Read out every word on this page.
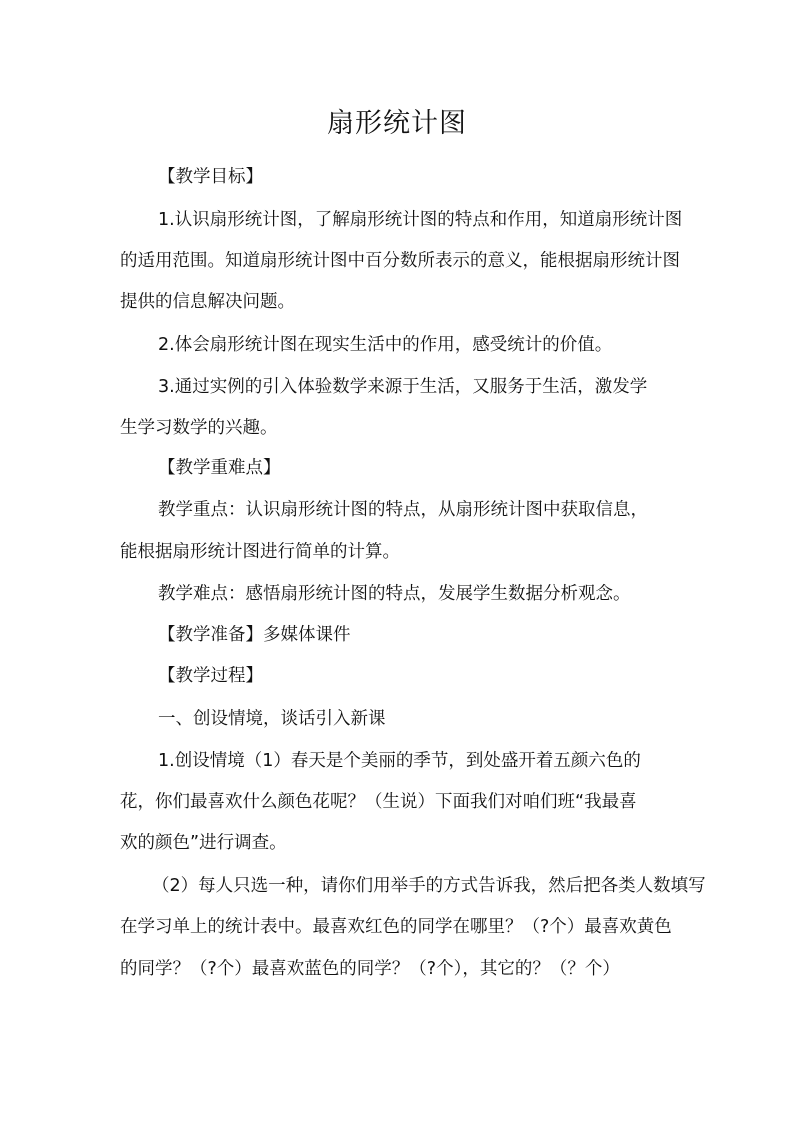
扇形统计图
【教学目标】
1.认识扇形统计图，了解扇形统计图的特点和作用，知道扇形统计图
的适用范围。知道扇形统计图中百分数所表示的意义，能根据扇形统计图
提供的信息解决问题。
2.体会扇形统计图在现实生活中的作用，感受统计的价值。
3.通过实例的引入体验数学来源于生活，又服务于生活，激发学
生学习数学的兴趣。
【教学重难点】
教学重点：认识扇形统计图的特点，从扇形统计图中获取信息，
能根据扇形统计图进行简单的计算。
教学难点：感悟扇形统计图的特点，发展学生数据分析观念。
【教学准备】多媒体课件
【教学过程】
一、创设情境，谈话引入新课
1.创设情境（1）春天是个美丽的季节，到处盛开着五颜六色的
花，你们最喜欢什么颜色花呢？（生说）下面我们对咱们班“我最喜
欢的颜色”进行调查。
（2）每人只选一种，请你们用举手的方式告诉我，然后把各类人数填写
在学习单上的统计表中。最喜欢红色的同学在哪里？（?个）最喜欢黄色
的同学？（?个）最喜欢蓝色的同学？（?个），其它的？（？个）
